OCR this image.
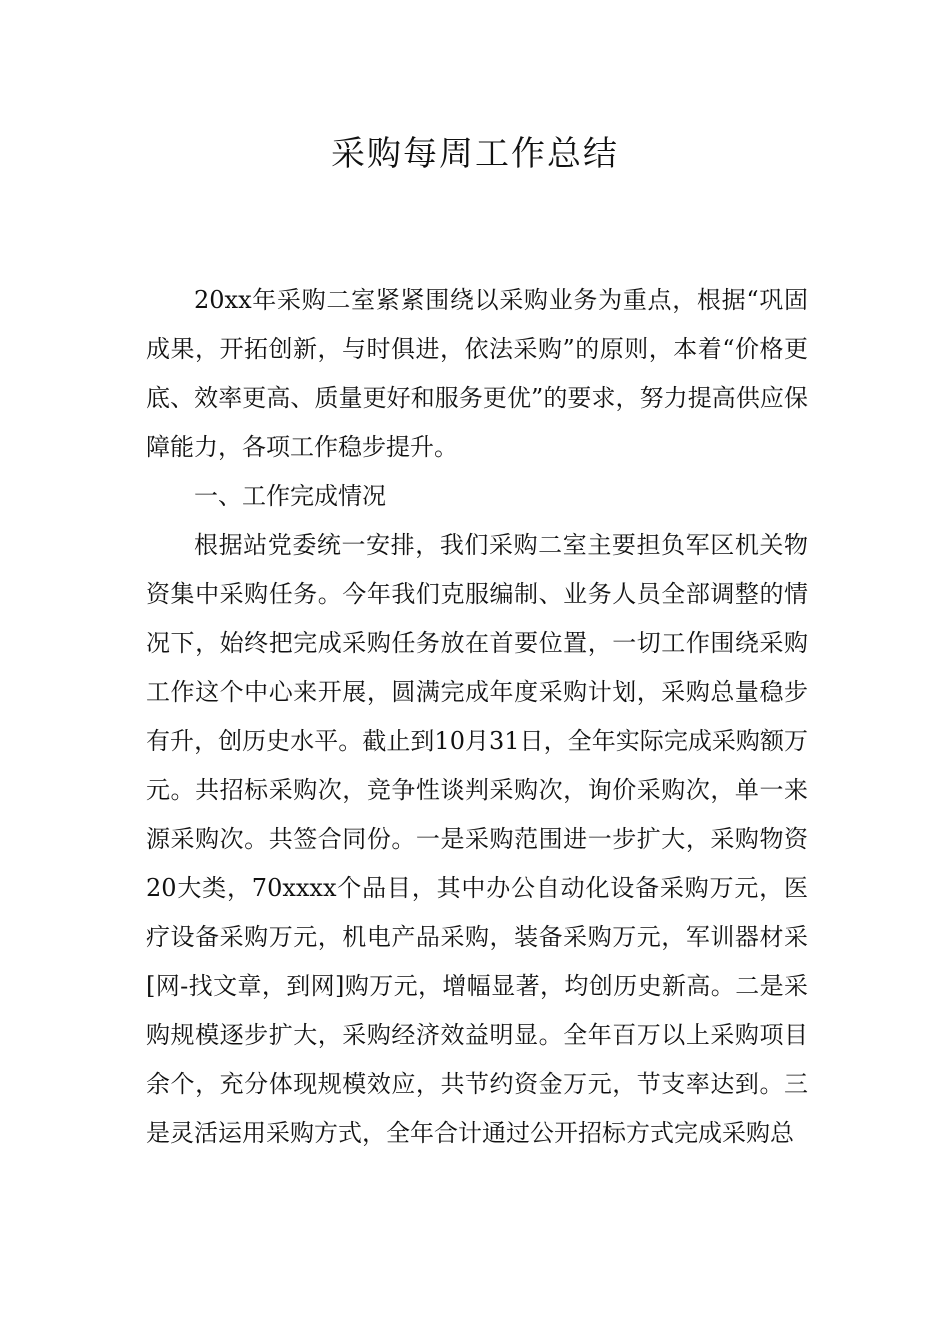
采购每周工作总结

20xx年采购二室紧紧围绕以采购业务为重点，根据“巩固成果，开拓创新，与时俱进，依法采购”的原则，本着“价格更底、效率更高、质量更好和服务更优”的要求，努力提高供应保障能力，各项工作稳步提升。

一、工作完成情况

根据站党委统一安排，我们采购二室主要担负军区机关物资集中采购任务。今年我们克服编制、业务人员全部调整的情况下，始终把完成采购任务放在首要位置，一切工作围绕采购工作这个中心来开展，圆满完成年度采购计划，采购总量稳步有升，创历史水平。截止到10月31日，全年实际完成采购额万元。共招标采购次，竞争性谈判采购次，询价采购次，单一来源采购次。共签合同份。一是采购范围进一步扩大，采购物资20大类，70xxxx个品目，其中办公自动化设备采购万元，医疗设备采购万元，机电产品采购，装备采购万元，军训器材采[网-找文章，到网]购万元，增幅显著，均创历史新高。二是采购规模逐步扩大，采购经济效益明显。全年百万以上采购项目余个，充分体现规模效应，共节约资金万元，节支率达到。三是灵活运用采购方式，全年合计通过公开招标方式完成采购总
